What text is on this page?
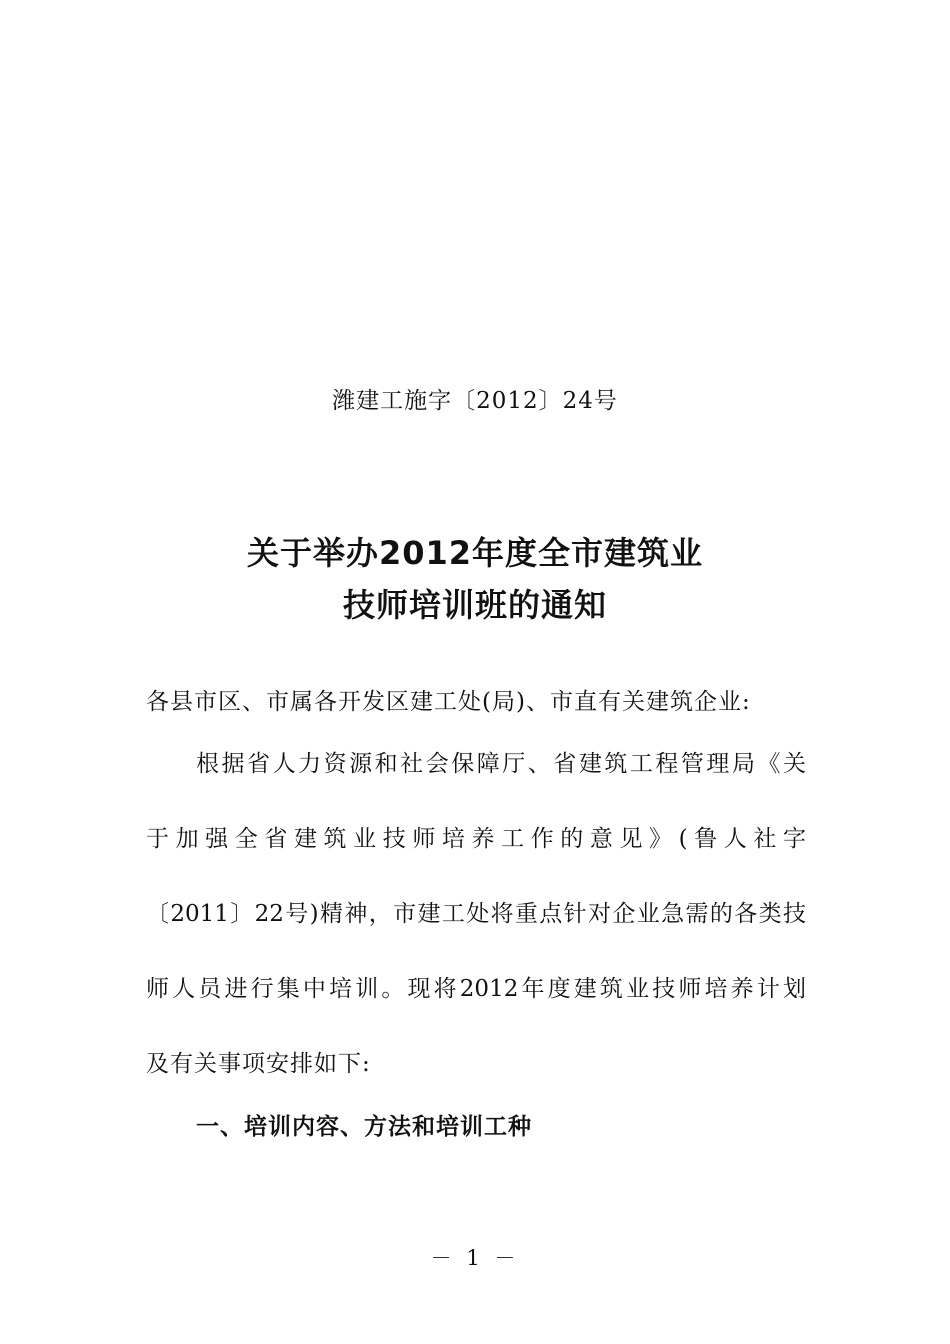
潍建工施字〔2012〕24号
关于举办2012年度全市建筑业
技师培训班的通知
各县市区、市属各开发区建工处(局)、市直有关建筑企业:
根据省人力资源和社会保障厅、省建筑工程管理局《关
于加强全省建筑业技师培养工作的意见》(鲁人社字
〔2011〕22号)精神，市建工处将重点针对企业急需的各类技
师人员进行集中培训。现将2012年度建筑业技师培养计划
及有关事项安排如下:
一、培训内容、方法和培训工种
－ 1 －
